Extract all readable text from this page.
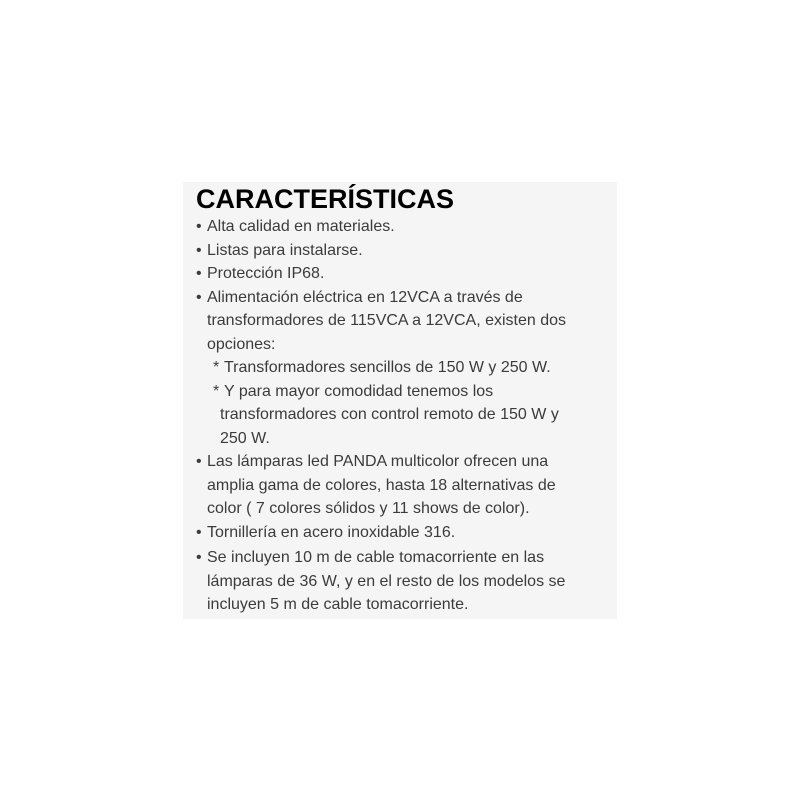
CARACTERÍSTICAS
• Alta calidad en materiales.
• Listas para instalarse.
• Protección IP68.
• Alimentación eléctrica en 12VCA a través de
transformadores de 115VCA a 12VCA, existen dos
opciones:
* Transformadores sencillos de 150 W y 250 W.
* Y para mayor comodidad tenemos los
transformadores con control remoto de 150 W y
250 W.
• Las lámparas led PANDA multicolor ofrecen una
amplia gama de colores, hasta 18 alternativas de
color ( 7 colores sólidos y 11 shows de color).
• Tornillería en acero inoxidable 316.
• Se incluyen 10 m de cable tomacorriente en las
lámparas de 36 W, y en el resto de los modelos se
incluyen 5 m de cable tomacorriente.
